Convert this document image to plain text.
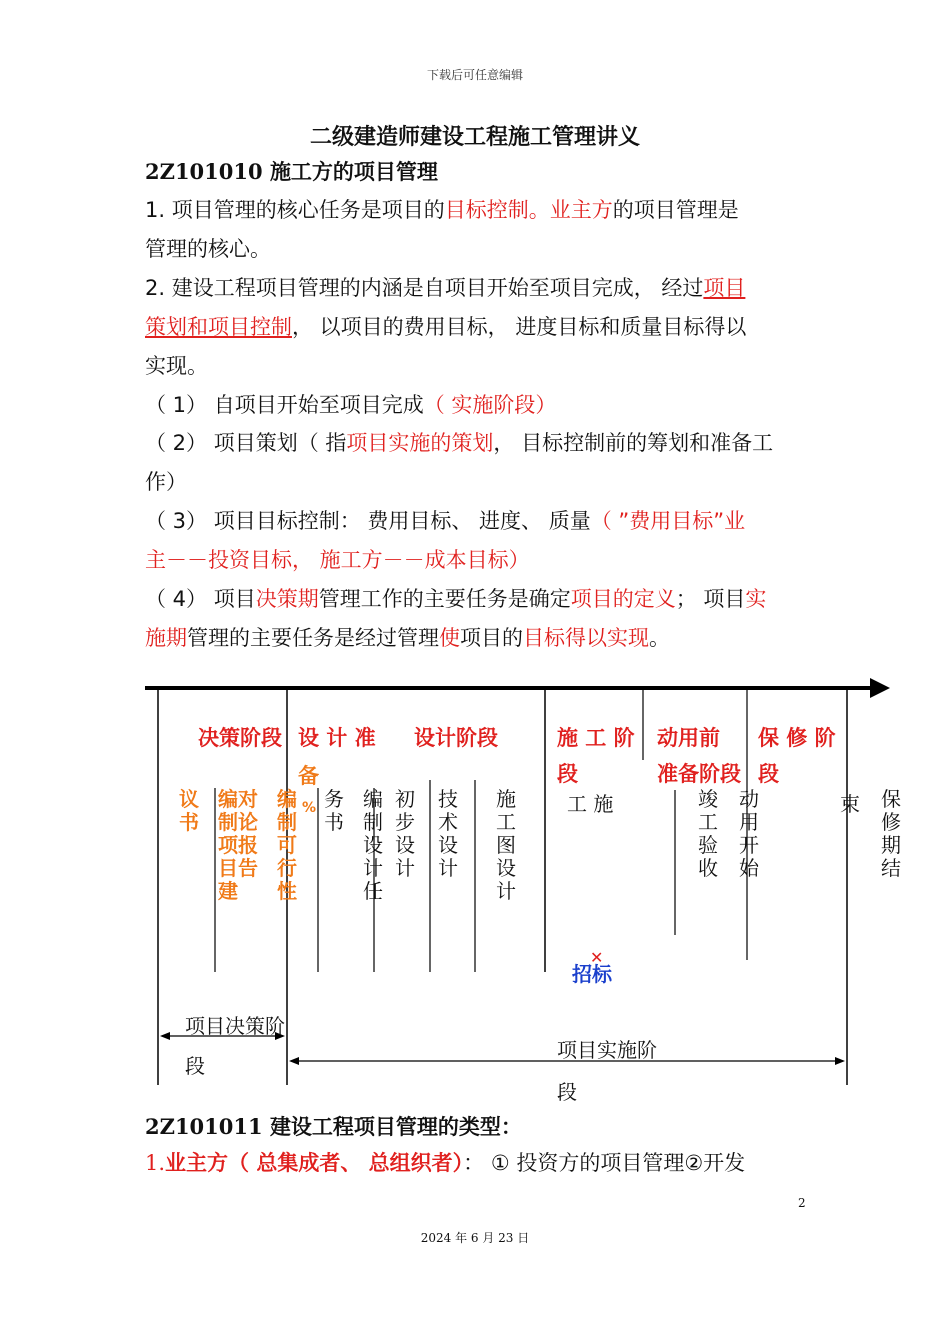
下载后可任意编辑
二级建造师建设工程施工管理讲义
2Z101010 施工方的项目管理
1. 项目管理的核心任务是项目的目标控制。业主方的项目管理是
管理的核心。
2. 建设工程项目管理的内涵是自项目开始至项目完成， 经过项目
策划和项目控制， 以项目的费用目标， 进度目标和质量目标得以
实现。
（ 1） 自项目开始至项目完成（ 实施阶段）
（ 2） 项目策划（ 指项目实施的策划， 目标控制前的筹划和准备工
作）
（ 3） 项目目标控制： 费用目标、 进度、 质量（ ”费用目标”业
主－－投资目标， 施工方－－成本目标）
（ 4） 项目决策期管理工作的主要任务是确定项目的定义； 项目实
施期管理的主要任务是经过管理使项目的目标得以实现。
决策阶段 设 计 准
备
设计阶段	施 工 阶
段
动用前
准备阶段
保 修 阶
段
议书
编对制论项报目告建
编制可行性
% 务书
编制设计任
初步设计
技术设计
施工图设计
工 施	竣工验收
动用开始
束 保修期结
招标
✕
项目决策阶
段
项目实施阶
段
2Z101011 建设工程项目管理的类型：
1.业主方（ 总集成者、 总组织者）： ① 投资方的项目管理②开发
2
2024 年 6 月 23 日
